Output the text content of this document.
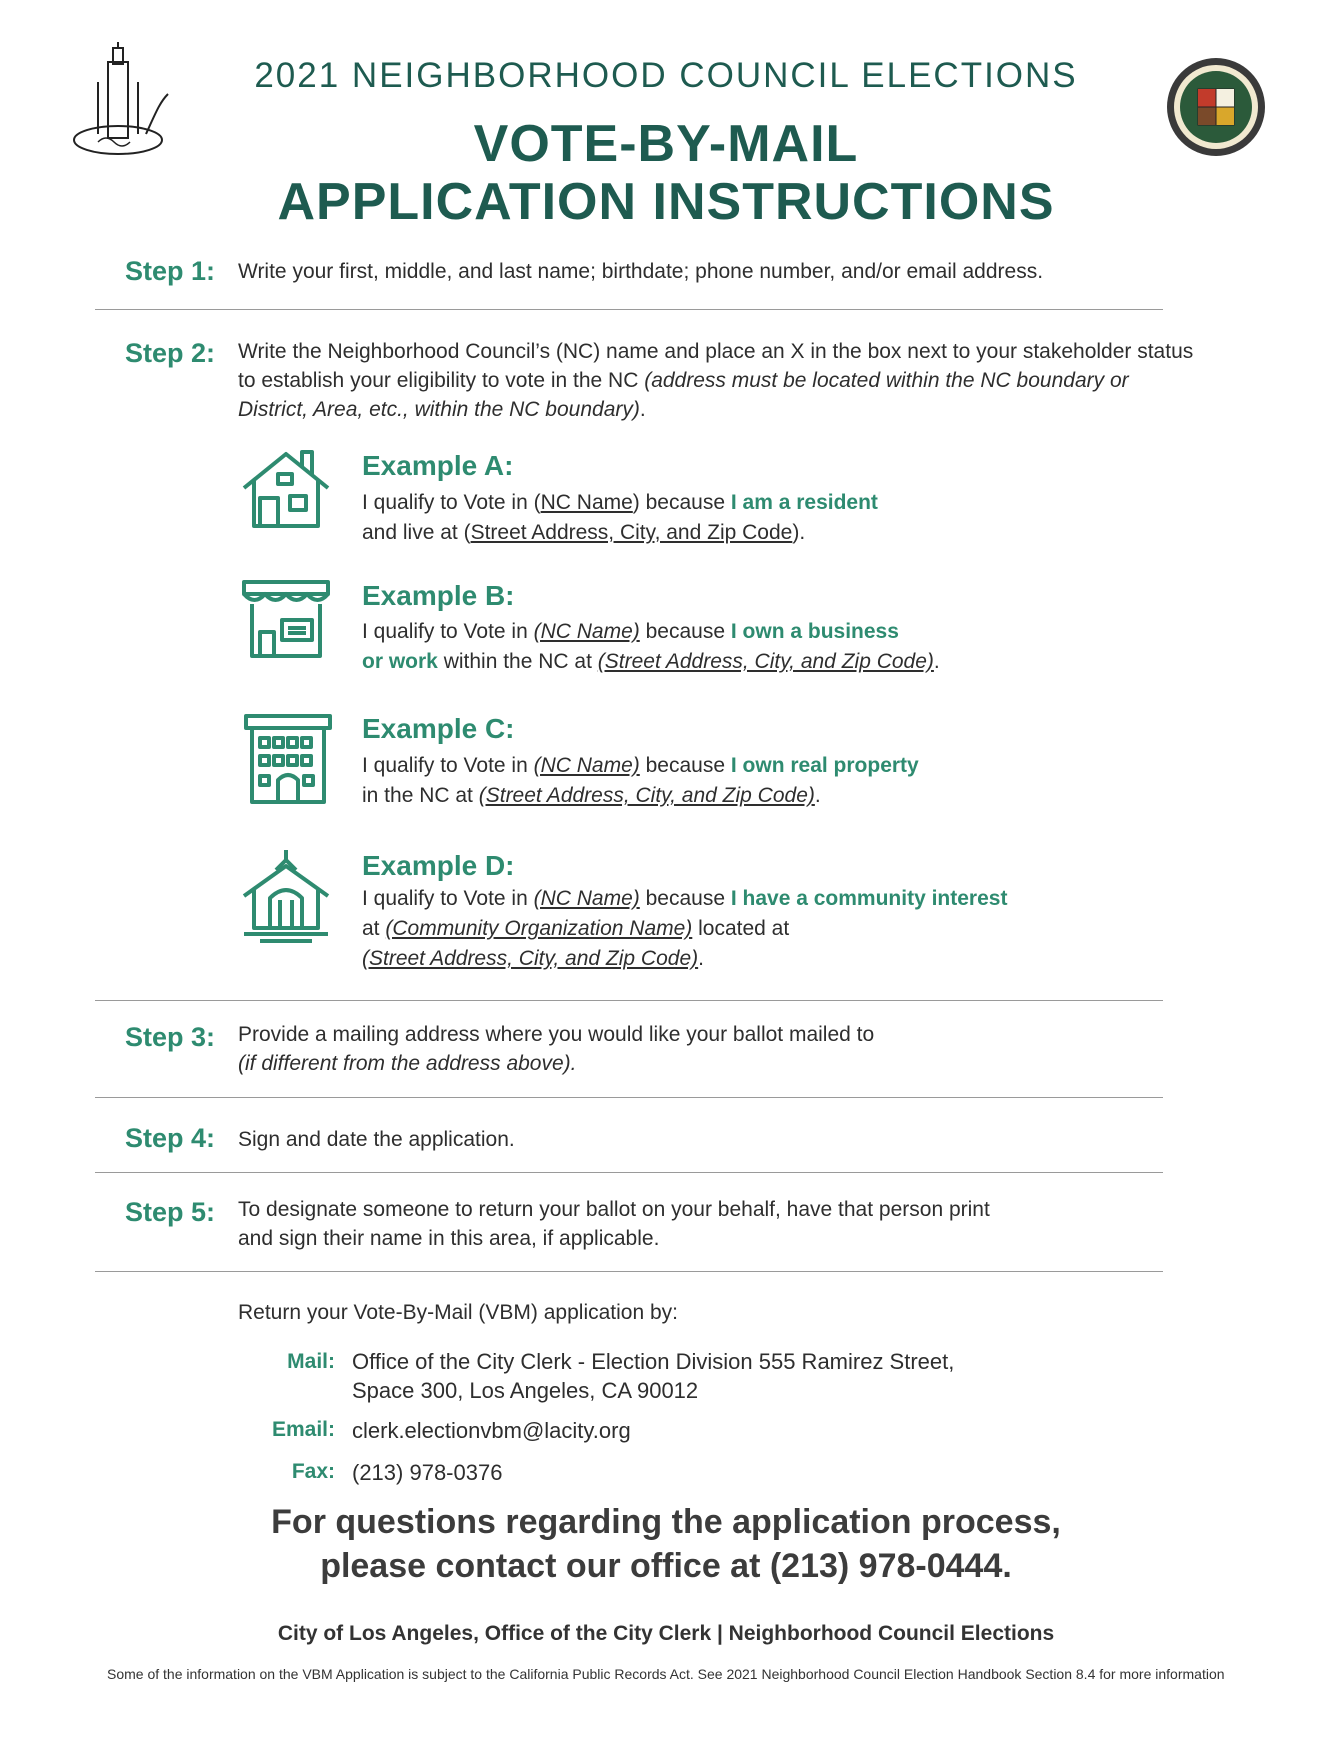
2021 NEIGHBORHOOD COUNCIL ELECTIONS
VOTE-BY-MAIL
APPLICATION INSTRUCTIONS
Step 1: Write your first, middle, and last name; birthdate; phone number, and/or email address.
Step 2: Write the Neighborhood Council’s (NC) name and place an X in the box next to your stakeholder status to establish your eligibility to vote in the NC (address must be located within the NC boundary or District, Area, etc., within the NC boundary).
Example A:
I qualify to Vote in (NC Name) because I am a resident
and live at (Street Address, City, and Zip Code).
Example B:
I qualify to Vote in (NC Name) because I own a business
or work within the NC at (Street Address, City, and Zip Code).
Example C:
I qualify to Vote in (NC Name) because I own real property
in the NC at (Street Address, City, and Zip Code).
Example D:
I qualify to Vote in (NC Name) because I have a community interest
at (Community Organization Name) located at
(Street Address, City, and Zip Code).
Step 3: Provide a mailing address where you would like your ballot mailed to
(if different from the address above).
Step 4: Sign and date the application.
Step 5: To designate someone to return your ballot on your behalf, have that person print and sign their name in this area, if applicable.
Return your Vote-By-Mail (VBM) application by:
Mail: Office of the City Clerk - Election Division 555 Ramirez Street,
Space 300, Los Angeles, CA 90012
Email: clerk.electionvbm@lacity.org
Fax: (213) 978-0376
For questions regarding the application process,
please contact our office at (213) 978-0444.
City of Los Angeles, Office of the City Clerk | Neighborhood Council Elections
Some of the information on the VBM Application is subject to the California Public Records Act. See 2021 Neighborhood Council Election Handbook Section 8.4 for more information
